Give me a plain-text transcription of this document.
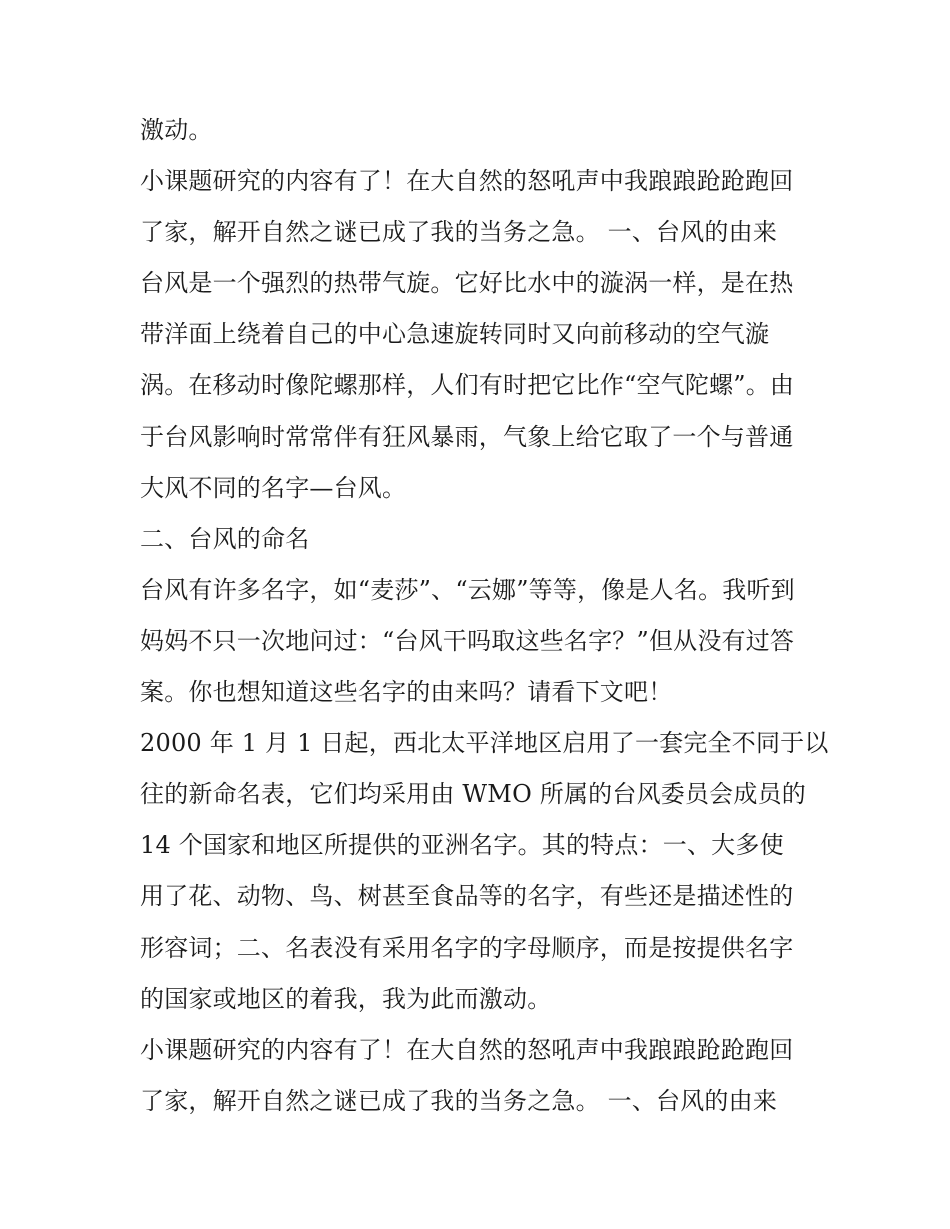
激动。
小课题研究的内容有了！在大自然的怒吼声中我踉踉跄跄跑回
了家，解开自然之谜已成了我的当务之急。 一、台风的由来
台风是一个强烈的热带气旋。它好比水中的漩涡一样，是在热
带洋面上绕着自己的中心急速旋转同时又向前移动的空气漩
涡。在移动时像陀螺那样，人们有时把它比作“空气陀螺”。由
于台风影响时常常伴有狂风暴雨，气象上给它取了一个与普通
大风不同的名字—台风。
二、台风的命名
台风有许多名字，如“麦莎”、“云娜”等等，像是人名。我听到
妈妈不只一次地问过：“台风干吗取这些名字？”但从没有过答
案。你也想知道这些名字的由来吗？请看下文吧！
2000 年 1 月 1 日起，西北太平洋地区启用了一套完全不同于以
往的新命名表，它们均采用由 WMO 所属的台风委员会成员的
14 个国家和地区所提供的亚洲名字。其的特点：一、大多使
用了花、动物、鸟、树甚至食品等的名字，有些还是描述性的
形容词；二、名表没有采用名字的字母顺序，而是按提供名字
的国家或地区的着我，我为此而激动。
小课题研究的内容有了！在大自然的怒吼声中我踉踉跄跄跑回
了家，解开自然之谜已成了我的当务之急。 一、台风的由来
